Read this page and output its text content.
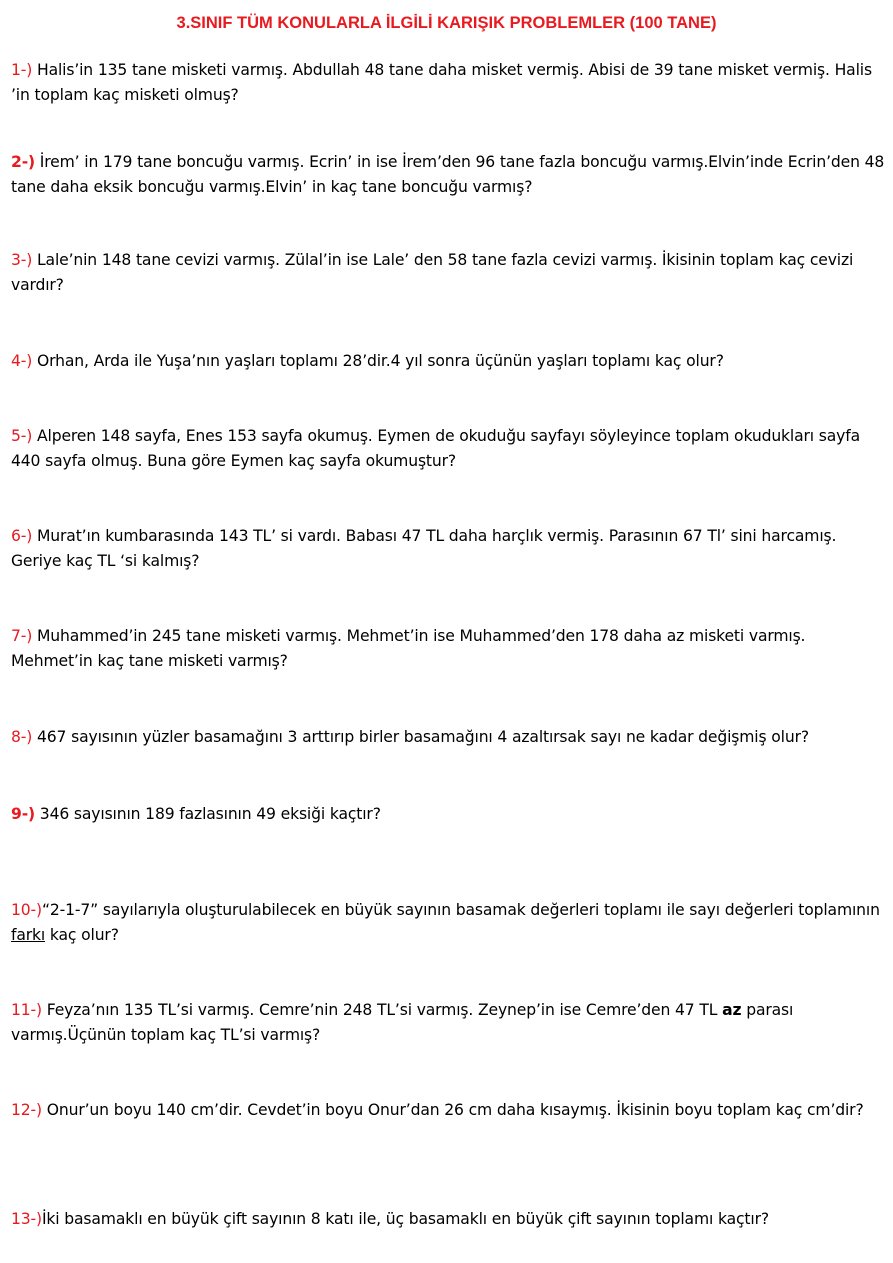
3.SINIF TÜM KONULARLA İLGİLİ KARIŞIK PROBLEMLER (100 TANE)
1-) Halis’in 135 tane misketi varmış. Abdullah 48 tane daha misket vermiş. Abisi de 39 tane misket vermiş. Halis ’in toplam kaç misketi olmuş?
2-) İrem’ in 179 tane boncuğu varmış. Ecrin’ in ise İrem’den 96 tane fazla boncuğu varmış.Elvin’inde Ecrin’den 48 tane daha eksik boncuğu varmış.Elvin’ in kaç tane boncuğu varmış?
3-) Lale’nin 148 tane cevizi varmış. Zülal’in ise Lale’ den 58 tane fazla cevizi varmış. İkisinin toplam kaç cevizi vardır?
4-) Orhan, Arda ile Yuşa’nın yaşları toplamı 28’dir.4 yıl sonra üçünün yaşları toplamı kaç olur?
5-) Alperen 148 sayfa, Enes 153 sayfa okumuş. Eymen de okuduğu sayfayı söyleyince toplam okudukları sayfa 440 sayfa olmuş. Buna göre Eymen kaç sayfa okumuştur?
6-) Murat’ın kumbarasında 143 TL’ si vardı. Babası 47 TL daha harçlık vermiş. Parasının 67 Tl’ sini harcamış. Geriye kaç TL ‘si kalmış?
7-) Muhammed’in 245 tane misketi varmış. Mehmet’in ise Muhammed’den 178 daha az misketi varmış. Mehmet’in kaç tane misketi varmış?
8-) 467 sayısının yüzler basamağını 3 arttırıp birler basamağını 4 azaltırsak sayı ne kadar değişmiş olur?
9-) 346 sayısının 189 fazlasının 49 eksiği kaçtır?
10-)“2-1-7” sayılarıyla oluşturulabilecek en büyük sayının basamak değerleri toplamı ile sayı değerleri toplamının farkı kaç olur?
11-) Feyza’nın 135 TL’si varmış. Cemre’nin 248 TL’si varmış. Zeynep’in ise Cemre’den 47 TL az parası varmış.Üçünün toplam kaç TL’si varmış?
12-) Onur’un boyu 140 cm’dir. Cevdet’in boyu Onur’dan 26 cm daha kısaymış. İkisinin boyu toplam kaç cm’dir?
13-)İki basamaklı en büyük çift sayının 8 katı ile, üç basamaklı en büyük çift sayının toplamı kaçtır?
